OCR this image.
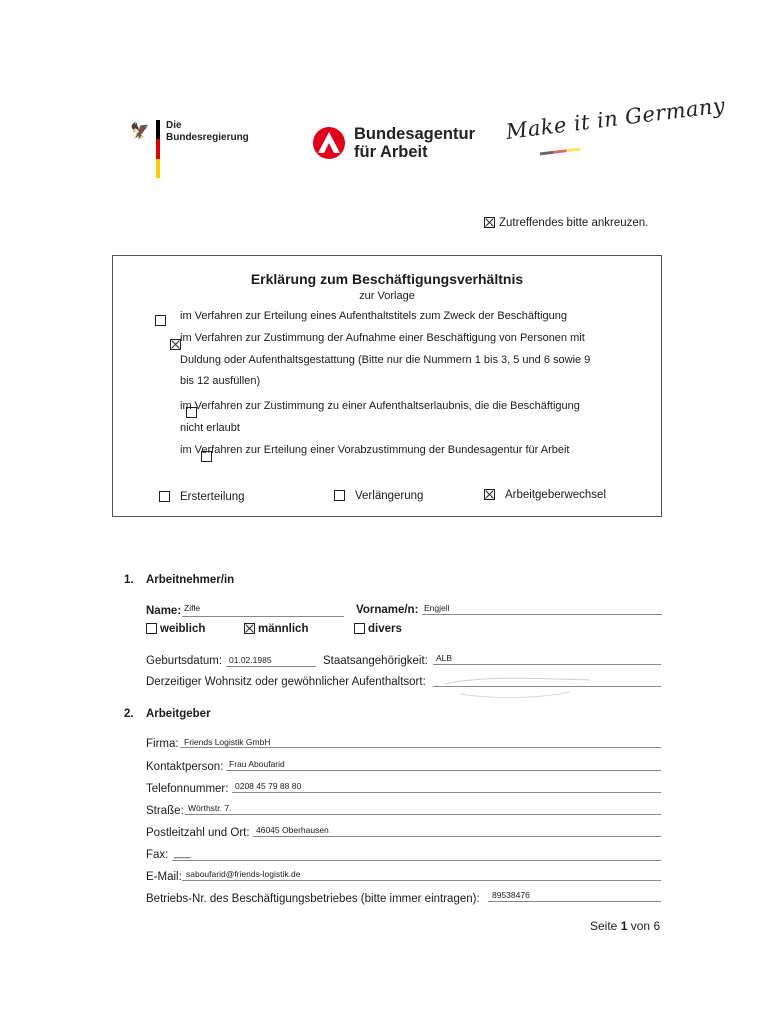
🦅 Die
Bundesregierung	Bundesagentur
für Arbeit
Make it in Germany
Zutreffendes bitte ankreuzen.
Erklärung zum Beschäftigungsverhältnis
zur Vorlage

im Verfahren zur Erteilung eines Aufenthaltstitels zum Zweck der Beschäftigung

im Verfahren zur Zustimmung der Aufnahme einer Beschäftigung von Personen mit
Duldung oder Aufenthaltsgestattung (Bitte nur die Nummern 1 bis 3, 5 und 6 sowie 9
bis 12 ausfüllen)

im Verfahren zur Zustimmung zu einer Aufenthaltserlaubnis, die die Beschäftigung
nicht erlaubt
im Verfahren zur Erteilung einer Vorabzustimmung der Bundesagentur für Arbeit
Ersterteilung	Verlängerung	Arbeitgeberwechsel
1. Arbeitnehmer/in
Name: Zifle	Vorname/n: Engjell
weiblich	männlich	divers
Geburtsdatum: 01.02.1985	Staatsangehörigkeit: ALB
Derzeitiger Wohnsitz oder gewöhnlicher Aufenthaltsort:
2. Arbeitgeber
Firma: Friends Logistik GmbH
Kontaktperson: Frau Aboufarid
Telefonnummer: 0208 45 79 88 80
Straße: Wörthstr. 7.
Postleitzahl und Ort: 46045 Oberhausen
Fax: ___
E-Mail: saboufarid@friends-logistik.de
Betriebs-Nr. des Beschäftigungsbetriebes (bitte immer eintragen): 89538476
Seite 1 von 6
